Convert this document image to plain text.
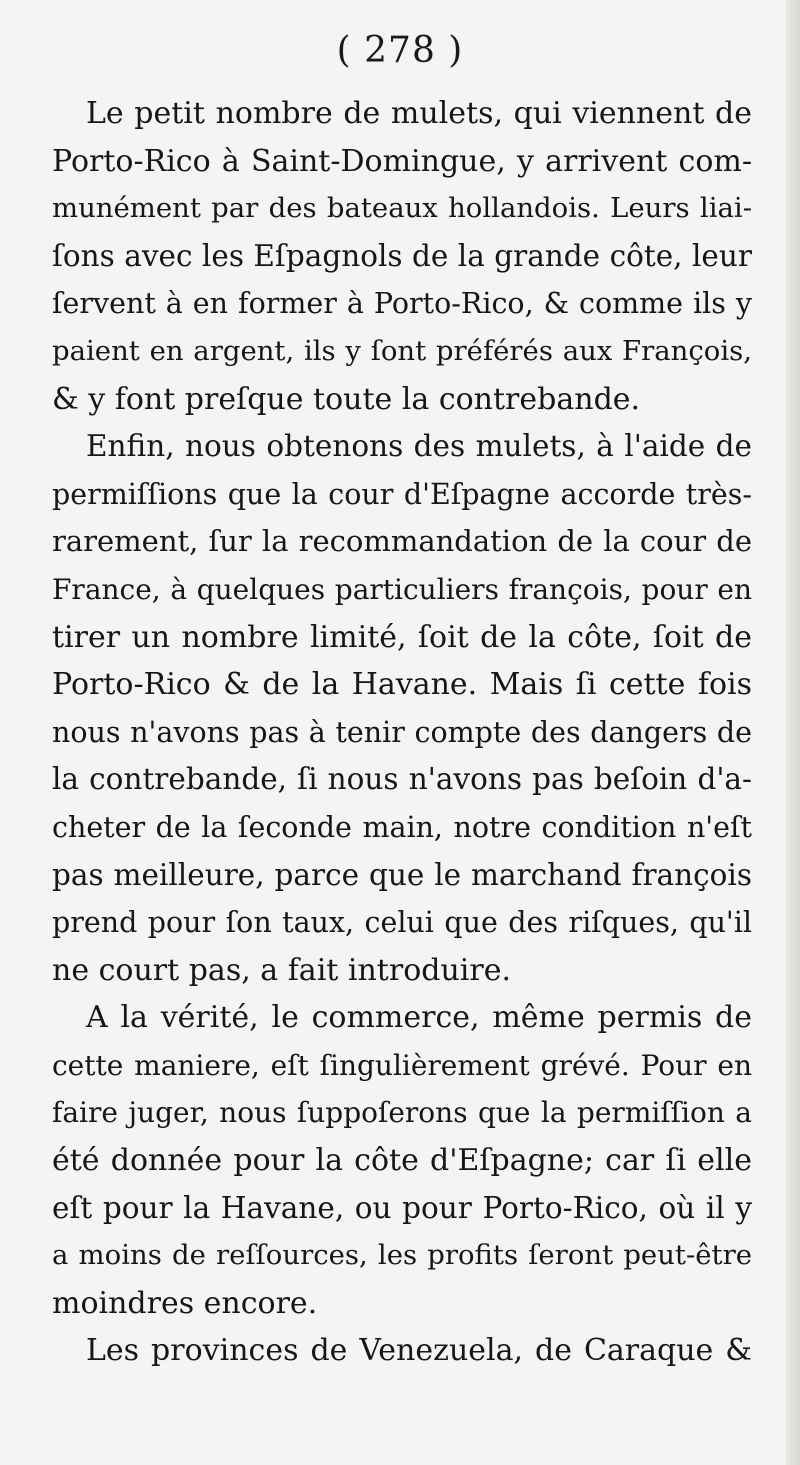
( 278 )
Le petit nombre de mulets, qui viennent de
Porto-Rico à Saint-Domingue, y arrivent com-
munément par des bateaux hollandois. Leurs liai-
ſons avec les Eſpagnols de la grande côte, leur
ſervent à en former à Porto-Rico, & comme ils y
paient en argent, ils y ſont préférés aux François,
& y font preſque toute la contrebande.
Enfin, nous obtenons des mulets, à l'aide de
permiſſions que la cour d'Eſpagne accorde très-
rarement, ſur la recommandation de la cour de
France, à quelques particuliers françois, pour en
tirer un nombre limité, ſoit de la côte, ſoit de
Porto-Rico & de la Havane. Mais ſi cette fois
nous n'avons pas à tenir compte des dangers de
la contrebande, ſi nous n'avons pas beſoin d'a-
cheter de la ſeconde main, notre condition n'eſt
pas meilleure, parce que le marchand françois
prend pour ſon taux, celui que des riſques, qu'il
ne court pas, a fait introduire.
A la vérité, le commerce, même permis de
cette maniere, eſt ſingulièrement grévé. Pour en
faire juger, nous ſuppoſerons que la permiſſion a
été donnée pour la côte d'Eſpagne; car ſi elle
eſt pour la Havane, ou pour Porto-Rico, où il y
a moins de reſſources, les profits ſeront peut-être
moindres encore.
Les provinces de Venezuela, de Caraque &
